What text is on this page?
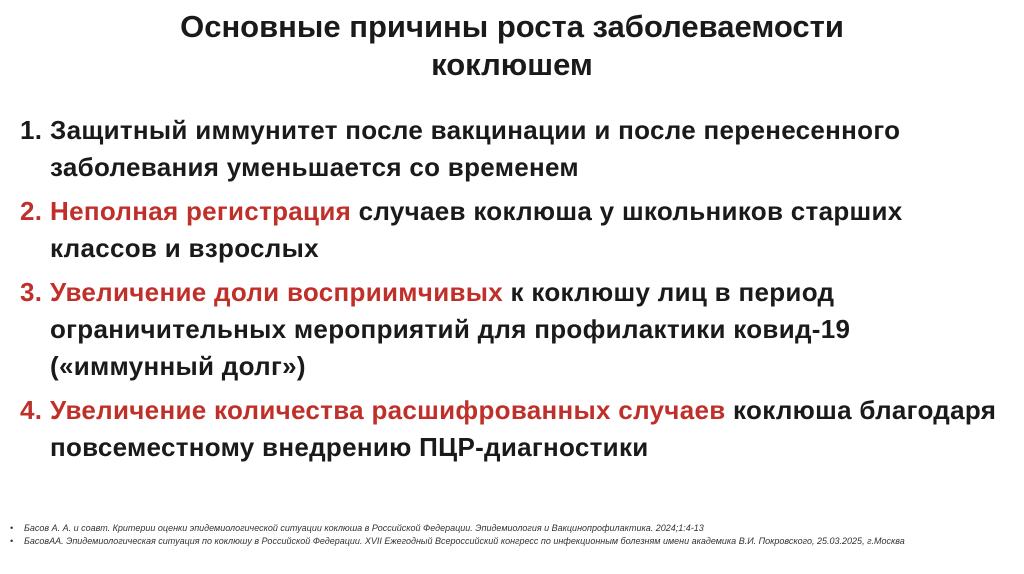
Основные причины роста заболеваемости
коклюшем
1. Защитный иммунитет после вакцинации и после перенесенного заболевания уменьшается со временем
2. Неполная регистрация случаев коклюша у школьников старших классов и взрослых
3. Увеличение доли восприимчивых к коклюшу лиц в период ограничительных мероприятий для профилактики ковид-19 («иммунный долг»)
4. Увеличение количества расшифрованных случаев коклюша благодаря повсеместному внедрению ПЦР-диагностики
• Басов А. А. и соавт. Критерии оценки эпидемиологической ситуации коклюша в Российской Федерации. Эпидемиология и Вакцинопрофилактика. 2024;1:4-13
• БасовАА. Эпидемиологическая ситуация по коклюшу в Российской Федерации. XVII Ежегодный Всероссийский конгресс по инфекционным болезням имени академика В.И. Покровского, 25.03.2025, г.Москва
